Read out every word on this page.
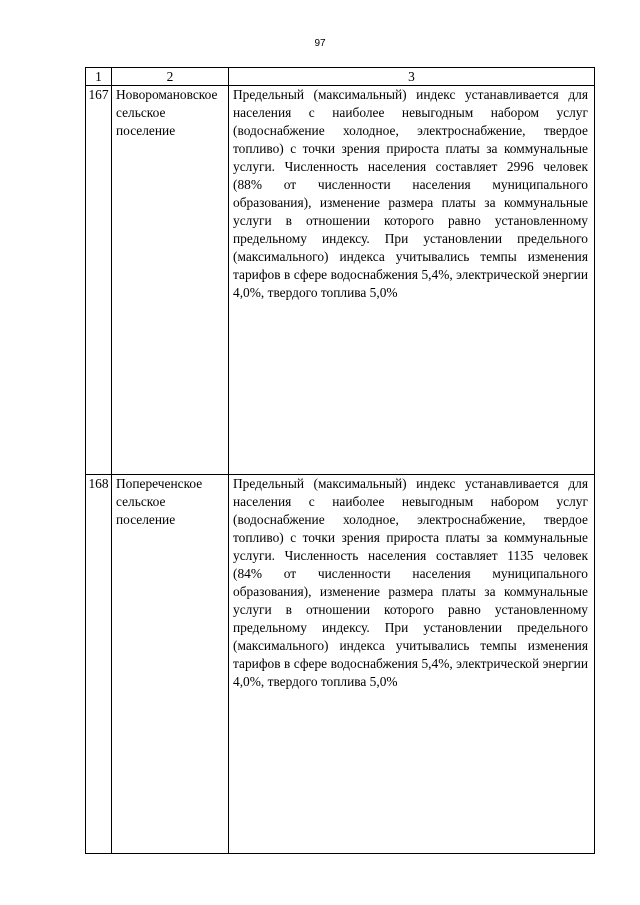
97
1	2	3

167	Новоромановское сельское поселение	Предельный (максимальный) индекс устанавливается для населения с наиболее невыгодным набором услуг (водоснабжение холодное, электроснабжение, твердое топливо) с точки зрения прироста платы за коммунальные услуги. Численность населения составляет 2996 человек (88% от численности населения муниципального образования), изменение размера платы за коммунальные услуги в отношении которого равно установленному предельному индексу. При установлении предельного (максимального) индекса учитывались темпы изменения тарифов в сфере водоснабжения 5,4%, электрической энергии 4,0%, твердого топлива 5,0%

168	Попереченское сельское поселение	Предельный (максимальный) индекс устанавливается для населения с наиболее невыгодным набором услуг (водоснабжение холодное, электроснабжение, твердое топливо) с точки зрения прироста платы за коммунальные услуги. Численность населения составляет 1135 человек (84% от численности населения муниципального образования), изменение размера платы за коммунальные услуги в отношении которого равно установленному предельному индексу. При установлении предельного (максимального) индекса учитывались темпы изменения тарифов в сфере водоснабжения 5,4%, электрической энергии 4,0%, твердого топлива 5,0%
